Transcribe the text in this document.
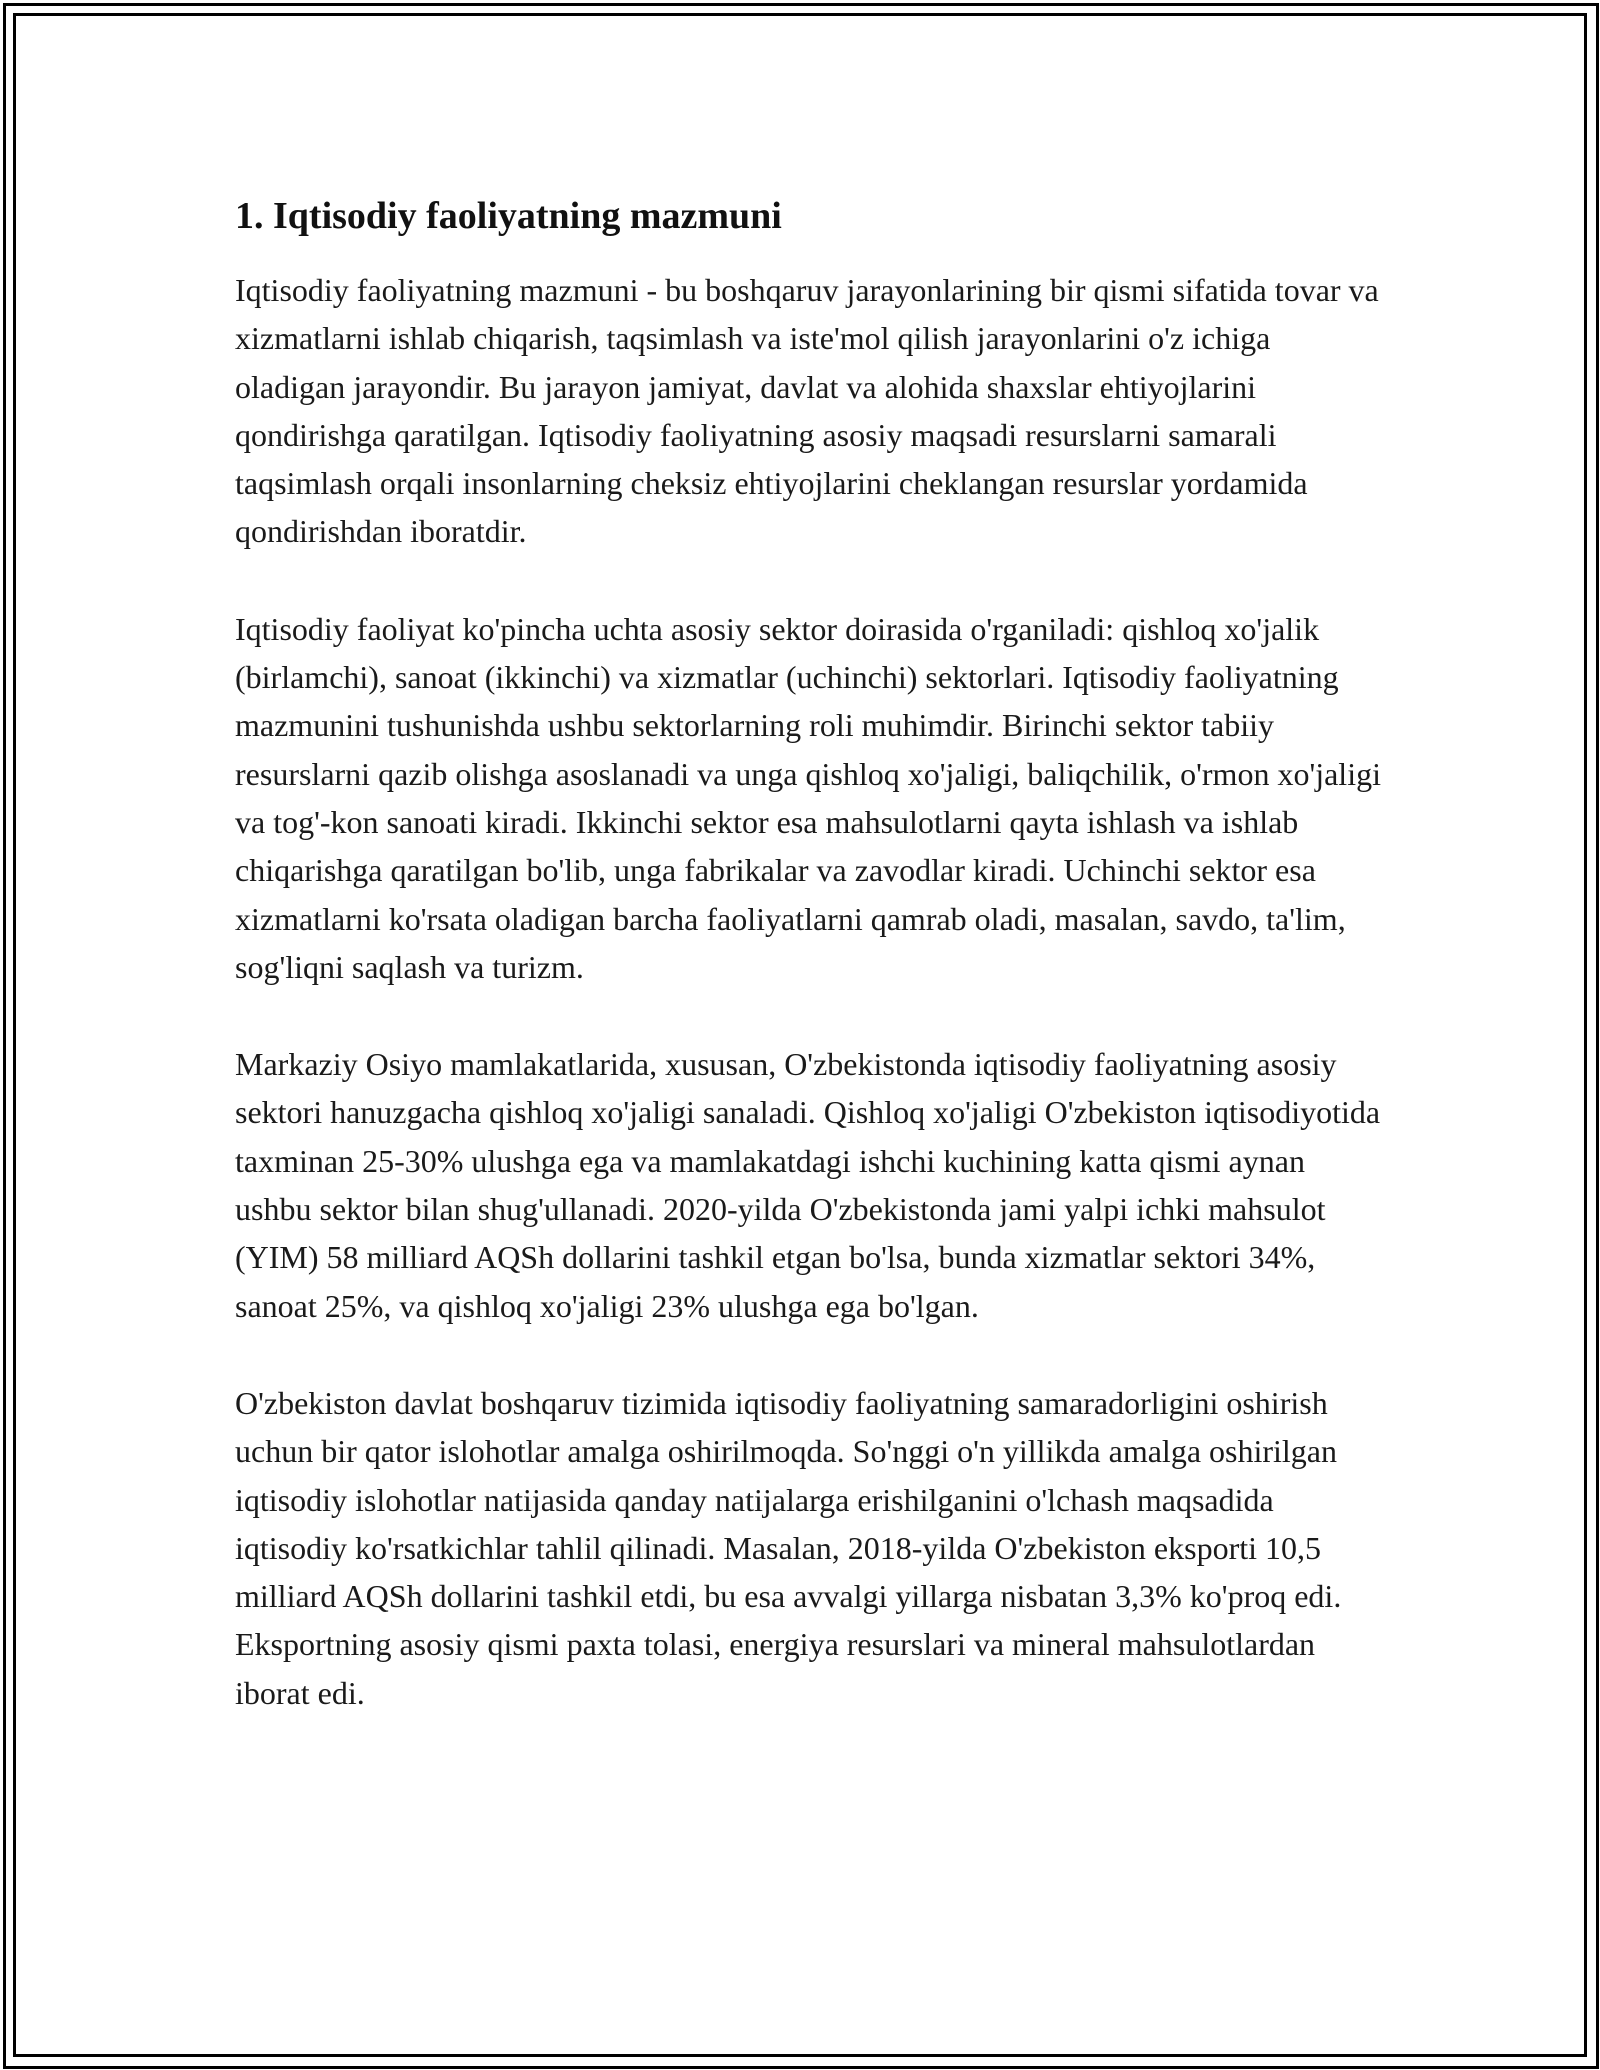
1. Iqtisodiy faoliyatning mazmuni

Iqtisodiy faoliyatning mazmuni - bu boshqaruv jarayonlarining bir qismi sifatida tovar va xizmatlarni ishlab chiqarish, taqsimlash va iste'mol qilish jarayonlarini o'z ichiga oladigan jarayondir. Bu jarayon jamiyat, davlat va alohida shaxslar ehtiyojlarini qondirishga qaratilgan. Iqtisodiy faoliyatning asosiy maqsadi resurslarni samarali taqsimlash orqali insonlarning cheksiz ehtiyojlarini cheklangan resurslar yordamida qondirishdan iboratdir.

Iqtisodiy faoliyat ko'pincha uchta asosiy sektor doirasida o'rganiladi: qishloq xo'jalik (birlamchi), sanoat (ikkinchi) va xizmatlar (uchinchi) sektorlari. Iqtisodiy faoliyatning mazmunini tushunishda ushbu sektorlarning roli muhimdir. Birinchi sektor tabiiy resurslarni qazib olishga asoslanadi va unga qishloq xo'jaligi, baliqchilik, o'rmon xo'jaligi va tog'-kon sanoati kiradi. Ikkinchi sektor esa mahsulotlarni qayta ishlash va ishlab chiqarishga qaratilgan bo'lib, unga fabrikalar va zavodlar kiradi. Uchinchi sektor esa xizmatlarni ko'rsata oladigan barcha faoliyatlarni qamrab oladi, masalan, savdo, ta'lim, sog'liqni saqlash va turizm.

Markaziy Osiyo mamlakatlarida, xususan, O'zbekistonda iqtisodiy faoliyatning asosiy sektori hanuzgacha qishloq xo'jaligi sanaladi. Qishloq xo'jaligi O'zbekiston iqtisodiyotida taxminan 25-30% ulushga ega va mamlakatdagi ishchi kuchining katta qismi aynan ushbu sektor bilan shug'ullanadi. 2020-yilda O'zbekistonda jami yalpi ichki mahsulot (YIM) 58 milliard AQSh dollarini tashkil etgan bo'lsa, bunda xizmatlar sektori 34%, sanoat 25%, va qishloq xo'jaligi 23% ulushga ega bo'lgan.

O'zbekiston davlat boshqaruv tizimida iqtisodiy faoliyatning samaradorligini oshirish uchun bir qator islohotlar amalga oshirilmoqda. So'nggi o'n yillikda amalga oshirilgan iqtisodiy islohotlar natijasida qanday natijalarga erishilganini o'lchash maqsadida iqtisodiy ko'rsatkichlar tahlil qilinadi. Masalan, 2018-yilda O'zbekiston eksporti 10,5 milliard AQSh dollarini tashkil etdi, bu esa avvalgi yillarga nisbatan 3,3% ko'proq edi. Eksportning asosiy qismi paxta tolasi, energiya resurslari va mineral mahsulotlardan iborat edi.
